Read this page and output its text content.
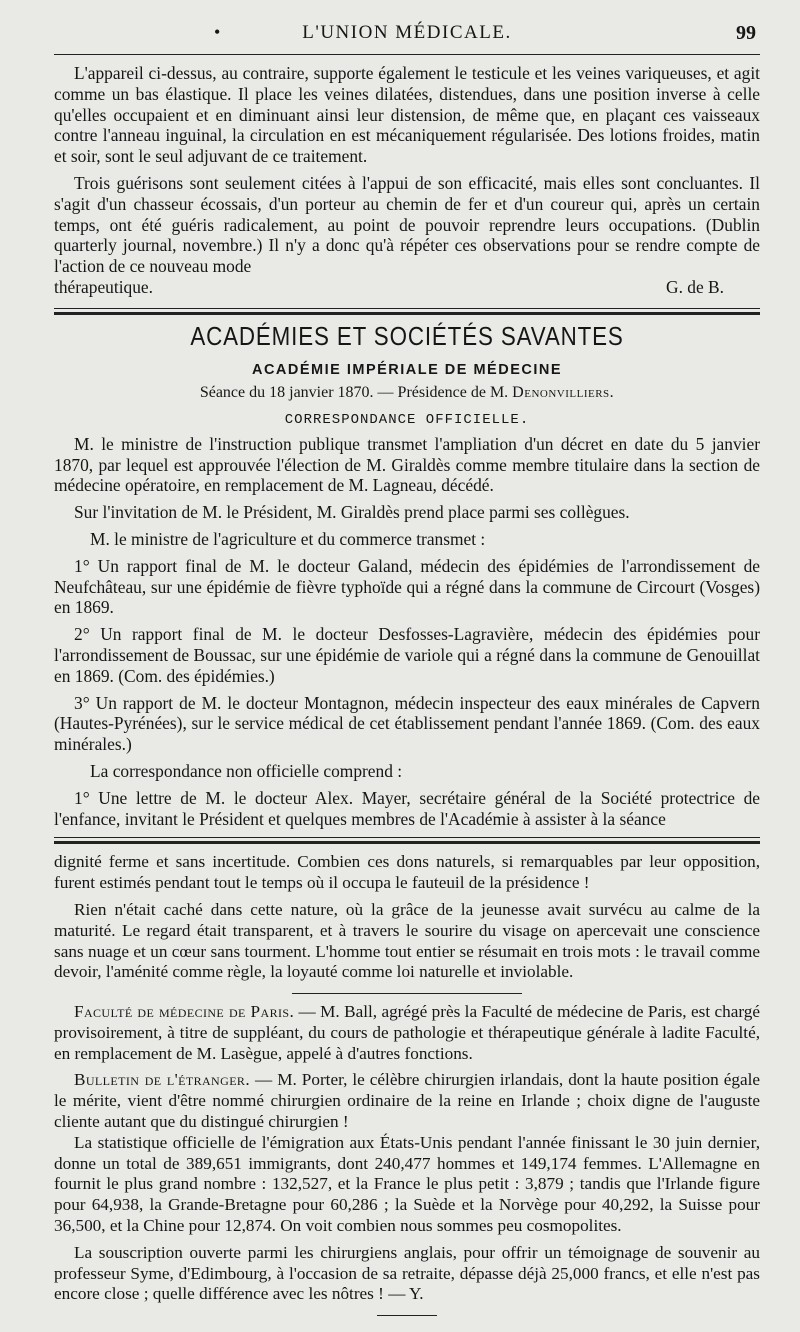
•	L'UNION MÉDICALE.	99

L'appareil ci-dessus, au contraire, supporte également le testicule et les veines variqueuses, et agit comme un bas élastique. Il place les veines dilatées, distendues, dans une position inverse à celle qu'elles occupaient et en diminuant ainsi leur distension, de même que, en plaçant ces vaisseaux contre l'anneau inguinal, la circulation en est mécaniquement régularisée. Des lotions froides, matin et soir, sont le seul adjuvant de ce traitement.

Trois guérisons sont seulement citées à l'appui de son efficacité, mais elles sont concluantes. Il s'agit d'un chasseur écossais, d'un porteur au chemin de fer et d'un coureur qui, après un certain temps, ont été guéris radicalement, au point de pouvoir reprendre leurs occupations. (Dublin quarterly journal, novembre.) Il n'y a donc qu'à répéter ces observations pour se rendre compte de l'action de ce nouveau mode

thérapeutique.	G. de B.

ACADÉMIES ET SOCIÉTÉS SAVANTES
ACADÉMIE IMPÉRIALE DE MÉDECINE
Séance du 18 janvier 1870. — Présidence de M. Denonvilliers.
CORRESPONDANCE OFFICIELLE.

M. le ministre de l'instruction publique transmet l'ampliation d'un décret en date du 5 janvier 1870, par lequel est approuvée l'élection de M. Giraldès comme membre titulaire dans la section de médecine opératoire, en remplacement de M. Lagneau, décédé.

Sur l'invitation de M. le Président, M. Giraldès prend place parmi ses collègues.

M. le ministre de l'agriculture et du commerce transmet :

1° Un rapport final de M. le docteur Galand, médecin des épidémies de l'arrondissement de Neufchâteau, sur une épidémie de fièvre typhoïde qui a régné dans la commune de Circourt (Vosges) en 1869.

2° Un rapport final de M. le docteur Desfosses-Lagravière, médecin des épidémies pour l'arrondissement de Boussac, sur une épidémie de variole qui a régné dans la commune de Genouillat en 1869. (Com. des épidémies.)

3° Un rapport de M. le docteur Montagnon, médecin inspecteur des eaux minérales de Capvern (Hautes-Pyrénées), sur le service médical de cet établissement pendant l'année 1869. (Com. des eaux minérales.)

La correspondance non officielle comprend :

1° Une lettre de M. le docteur Alex. Mayer, secrétaire général de la Société protectrice de l'enfance, invitant le Président et quelques membres de l'Académie à assister à la séance

dignité ferme et sans incertitude. Combien ces dons naturels, si remarquables par leur opposition, furent estimés pendant tout le temps où il occupa le fauteuil de la présidence !

Rien n'était caché dans cette nature, où la grâce de la jeunesse avait survécu au calme de la maturité. Le regard était transparent, et à travers le sourire du visage on apercevait une conscience sans nuage et un cœur sans tourment. L'homme tout entier se résumait en trois mots : le travail comme devoir, l'aménité comme règle, la loyauté comme loi naturelle et inviolable.

Faculté de médecine de Paris. — M. Ball, agrégé près la Faculté de médecine de Paris, est chargé provisoirement, à titre de suppléant, du cours de pathologie et thérapeutique générale à ladite Faculté, en remplacement de M. Lasègue, appelé à d'autres fonctions.

Bulletin de l'étranger. — M. Porter, le célèbre chirurgien irlandais, dont la haute position égale le mérite, vient d'être nommé chirurgien ordinaire de la reine en Irlande ; choix digne de l'auguste cliente autant que du distingué chirurgien !

La statistique officielle de l'émigration aux États-Unis pendant l'année finissant le 30 juin dernier, donne un total de 389,651 immigrants, dont 240,477 hommes et 149,174 femmes. L'Allemagne en fournit le plus grand nombre : 132,527, et la France le plus petit : 3,879 ; tandis que l'Irlande figure pour 64,938, la Grande-Bretagne pour 60,286 ; la Suède et la Norvège pour 40,292, la Suisse pour 36,500, et la Chine pour 12,874. On voit combien nous sommes peu cosmopolites.

La souscription ouverte parmi les chirurgiens anglais, pour offrir un témoignage de souvenir au professeur Syme, d'Edimbourg, à l'occasion de sa retraite, dépasse déjà 25,000 francs, et elle n'est pas encore close ; quelle différence avec les nôtres ! — Y.
